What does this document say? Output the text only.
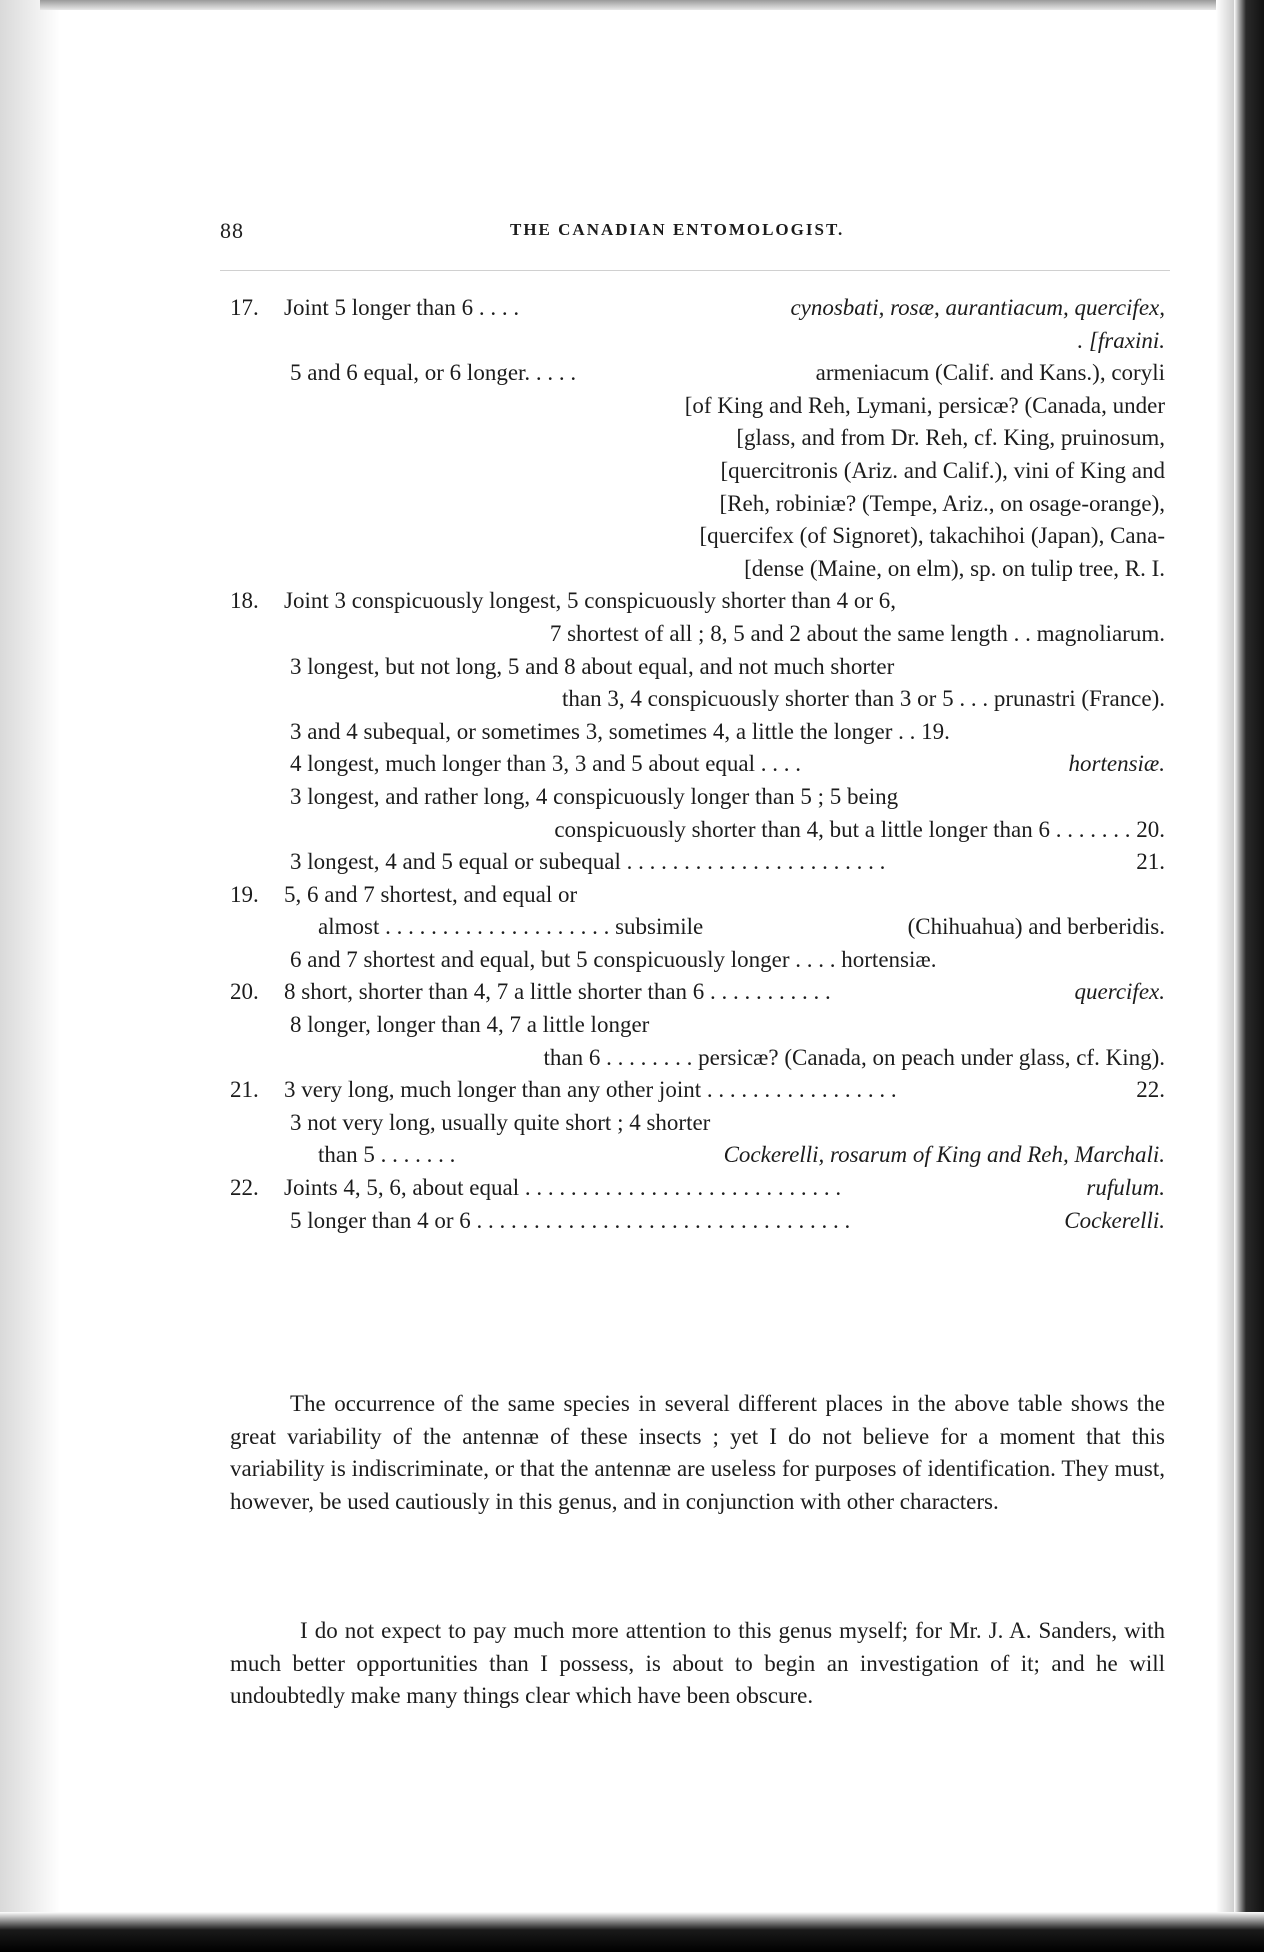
88	THE CANADIAN ENTOMOLOGIST.
17. Joint 5 longer than 6 . . . .	cynosbati, rosæ, aurantiacum, quercifex,
. [fraxini.
5 and 6 equal, or 6 longer. . . . .	armeniacum (Calif. and Kans.), coryli
[of King and Reh, Lymani, persicæ? (Canada, under
[glass, and from Dr. Reh, cf. King, pruinosum,
[quercitronis (Ariz. and Calif.), vini of King and
[Reh, robiniæ? (Tempe, Ariz., on osage-orange),
[quercifex (of Signoret), takachihoi (Japan), Cana-
[dense (Maine, on elm), sp. on tulip tree, R. I.
18. Joint 3 conspicuously longest, 5 conspicuously shorter than 4 or 6,
7 shortest of all ; 8, 5 and 2 about the same length . . magnoliarum.
3 longest, but not long, 5 and 8 about equal, and not much shorter
than 3, 4 conspicuously shorter than 3 or 5 . . . prunastri (France).
3 and 4 subequal, or sometimes 3, sometimes 4, a little the longer . . 19.
4 longest, much longer than 3, 3 and 5 about equal . . . .	hortensiæ.
3 longest, and rather long, 4 conspicuously longer than 5 ; 5 being
conspicuously shorter than 4, but a little longer than 6 . . . . . . . 20.
3 longest, 4 and 5 equal or subequal . . . . . . . . . . . . . . . . . . . . . . .	21.
19. 5, 6 and 7 shortest, and equal or
almost . . . . . . . . . . . . . . . . . . . . subsimile	(Chihuahua) and berberidis.
6 and 7 shortest and equal, but 5 conspicuously longer . . . . hortensiæ.
20. 8 short, shorter than 4, 7 a little shorter than 6 . . . . . . . . . . .	quercifex.
8 longer, longer than 4, 7 a little longer
than 6 . . . . . . . . persicæ? (Canada, on peach under glass, cf. King).
21. 3 very long, much longer than any other joint . . . . . . . . . . . . . . . . .	22.
3 not very long, usually quite short ; 4 shorter
than 5 . . . . . . .	Cockerelli, rosarum of King and Reh, Marchali.
22. Joints 4, 5, 6, about equal . . . . . . . . . . . . . . . . . . . . . . . . . . . .	rufulum.
5 longer than 4 or 6 . . . . . . . . . . . . . . . . . . . . . . . . . . . . . . . . .	Cockerelli.
The occurrence of the same species in several different places in the above table shows the great variability of the antennæ of these insects ; yet I do not believe for a moment that this variability is indiscriminate, or that the antennæ are useless for purposes of identification. They must, however, be used cautiously in this genus, and in conjunction with other characters.
I do not expect to pay much more attention to this genus myself; for Mr. J. A. Sanders, with much better opportunities than I possess, is about to begin an investigation of it; and he will undoubtedly make many things clear which have been obscure.
